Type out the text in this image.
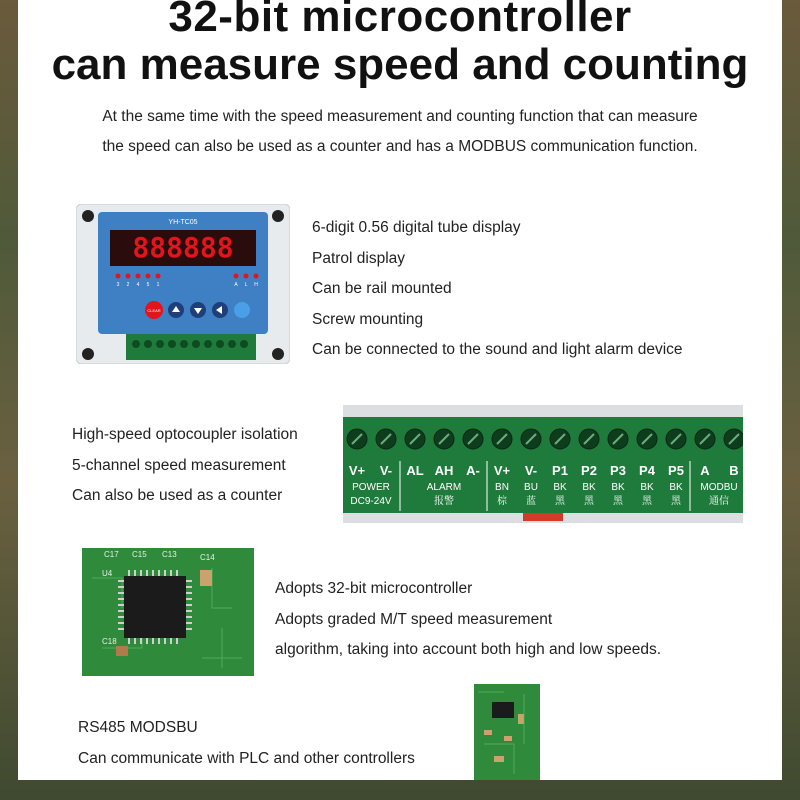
32-bit microcontroller
can measure speed and counting
At the same time with the speed measurement and counting function that can measure
the speed can also be used as a counter and has a MODBUS communication function.
YH-TC05
888888
3 2 4 5 1	A L H
CLEAR
6-digit 0.56 digital tube display
Patrol display
Can be rail mounted
Screw mounting
Can be connected to the sound and light alarm device
High-speed optocoupler isolation
5-channel speed measurement
Can also be used as a counter
V+ V- AL AH A- V+ V- P1 P2 P3 P4 P5 A B
POWER
DC9-24V
ALARM
报警
BN BU BK BK BK BK BK
棕 蓝 黑 黑 黑 黑 黑
MODBU
通信
C17 C15 C13	C14
U4
C18
Adopts 32-bit microcontroller
Adopts graded M/T speed measurement
algorithm, taking into account both high and low speeds.
RS485 MODSBU
Can communicate with PLC and other controllers
